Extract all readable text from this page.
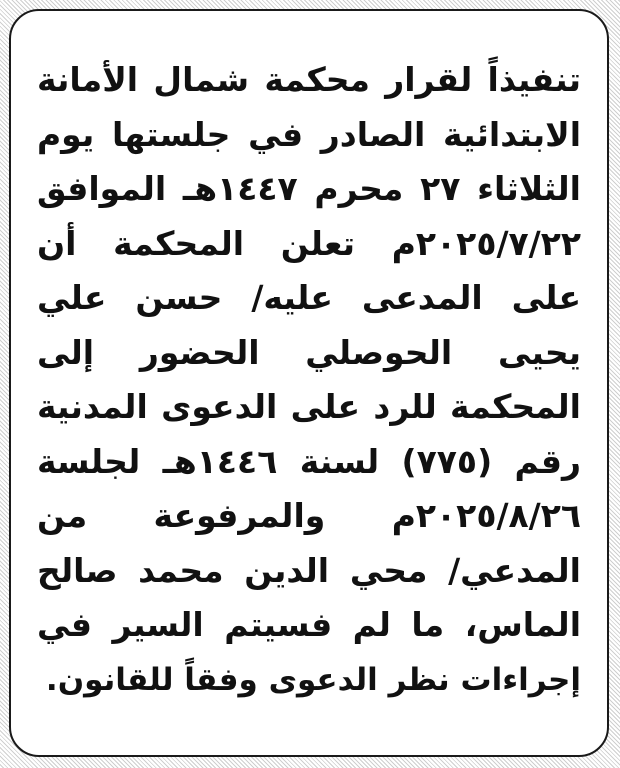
تنفيذاً لقرار محكمة شمال الأمانة
الابتدائية الصادر في جلستها يوم
الثلاثاء ٢٧ محرم ١٤٤٧هـ الموافق
٢٠٢٥/٧/٢٢م تعلن المحكمة أن
على المدعى عليه/ حسن علي
يحيى الحوصلي الحضور إلى
المحكمة للرد على الدعوى المدنية
رقم (٧٧٥) لسنة ١٤٤٦هـ لجلسة
٢٠٢٥/٨/٢٦م والمرفوعة من
المدعي/ محي الدين محمد صالح
الماس، ما لم فسيتم السير في
إجراءات نظر الدعوى وفقاً للقانون.
